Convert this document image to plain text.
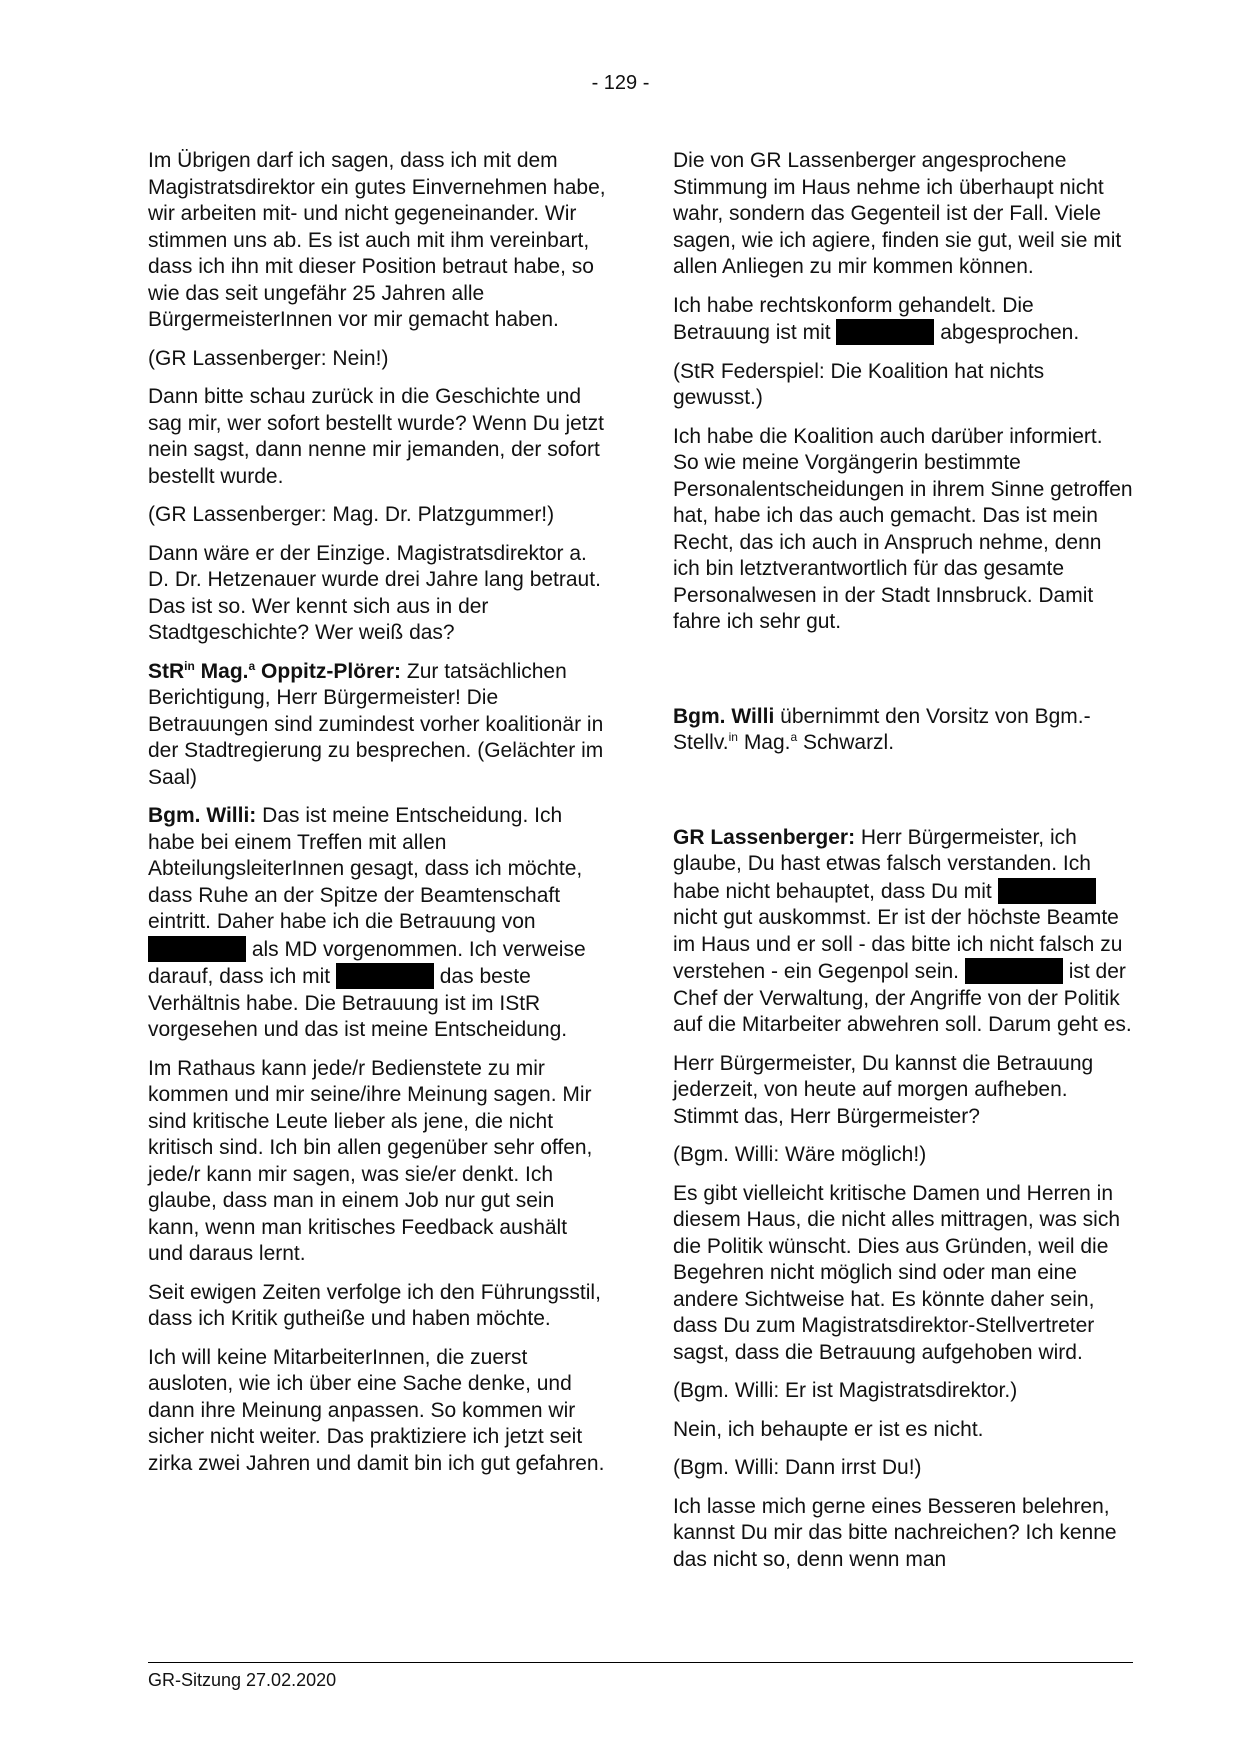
- 129 -

Im Übrigen darf ich sagen, dass ich mit dem Magistratsdirektor ein gutes Einvernehmen habe, wir arbeiten mit- und nicht gegeneinander. Wir stimmen uns ab. Es ist auch mit ihm vereinbart, dass ich ihn mit dieser Position betraut habe, so wie das seit ungefähr 25 Jahren alle BürgermeisterInnen vor mir gemacht haben.

(GR Lassenberger: Nein!)

Dann bitte schau zurück in die Geschichte und sag mir, wer sofort bestellt wurde? Wenn Du jetzt nein sagst, dann nenne mir jemanden, der sofort bestellt wurde.

(GR Lassenberger: Mag. Dr. Platzgummer!)

Dann wäre er der Einzige. Magistratsdirektor a. D. Dr. Hetzenauer wurde drei Jahre lang betraut. Das ist so. Wer kennt sich aus in der Stadtgeschichte? Wer weiß das?

StR$^{in}$ Mag.$^a$ Oppitz-Plörer: Zur tatsächlichen Berichtigung, Herr Bürgermeister! Die Betrauungen sind zumindest vorher koalitionär in der Stadtregierung zu besprechen. (Gelächter im Saal)

Bgm. Willi: Das ist meine Entscheidung. Ich habe bei einem Treffen mit allen AbteilungsleiterInnen gesagt, dass ich möchte, dass Ruhe an der Spitze der Beamtenschaft eintritt. Daher habe ich die Betrauung von  als MD vorgenommen. Ich verweise darauf, dass ich mit	das beste Verhältnis habe. Die Betrauung ist im IStR vorgesehen und das ist meine Entscheidung.

Im Rathaus kann jede/r Bedienstete zu mir kommen und mir seine/ihre Meinung sagen. Mir sind kritische Leute lieber als jene, die nicht kritisch sind. Ich bin allen gegenüber sehr offen, jede/r kann mir sagen, was sie/er denkt. Ich glaube, dass man in einem Job nur gut sein kann, wenn man kritisches Feedback aushält und daraus lernt.

Seit ewigen Zeiten verfolge ich den Führungsstil, dass ich Kritik gutheiße und haben möchte.

Ich will keine MitarbeiterInnen, die zuerst ausloten, wie ich über eine Sache denke, und dann ihre Meinung anpassen. So kommen wir sicher nicht weiter. Das praktiziere ich jetzt seit zirka zwei Jahren und damit bin ich gut gefahren.

Die von GR Lassenberger angesprochene Stimmung im Haus nehme ich überhaupt nicht wahr, sondern das Gegenteil ist der Fall. Viele sagen, wie ich agiere, finden sie gut, weil sie mit allen Anliegen zu mir kommen können.

Ich habe rechtskonform gehandelt. Die Betrauung ist mit	abgesprochen.

(StR Federspiel: Die Koalition hat nichts gewusst.)

Ich habe die Koalition auch darüber informiert. So wie meine Vorgängerin bestimmte Personalentscheidungen in ihrem Sinne getroffen hat, habe ich das auch gemacht. Das ist mein Recht, das ich auch in Anspruch nehme, denn ich bin letztverantwortlich für das gesamte Personalwesen in der Stadt Innsbruck. Damit fahre ich sehr gut.

Bgm. Willi übernimmt den Vorsitz von Bgm.-Stellv.$^{in}$ Mag.$^a$ Schwarzl.

GR Lassenberger: Herr Bürgermeister, ich glaube, Du hast etwas falsch verstanden. Ich habe nicht behauptet, dass Du mit  nicht gut auskommst. Er ist der höchste Beamte im Haus und er soll - das bitte ich nicht falsch zu verstehen - ein Gegenpol sein.	ist der Chef der Verwaltung, der Angriffe von der Politik auf die Mitarbeiter abwehren soll. Darum geht es.

Herr Bürgermeister, Du kannst die Betrauung jederzeit, von heute auf morgen aufheben. Stimmt das, Herr Bürgermeister?

(Bgm. Willi: Wäre möglich!)

Es gibt vielleicht kritische Damen und Herren in diesem Haus, die nicht alles mittragen, was sich die Politik wünscht. Dies aus Gründen, weil die Begehren nicht möglich sind oder man eine andere Sichtweise hat. Es könnte daher sein, dass Du zum Magistratsdirektor-Stellvertreter sagst, dass die Betrauung aufgehoben wird.

(Bgm. Willi: Er ist Magistratsdirektor.)

Nein, ich behaupte er ist es nicht.

(Bgm. Willi: Dann irrst Du!)

Ich lasse mich gerne eines Besseren belehren, kannst Du mir das bitte nachreichen? Ich kenne das nicht so, denn wenn man

GR-Sitzung 27.02.2020
